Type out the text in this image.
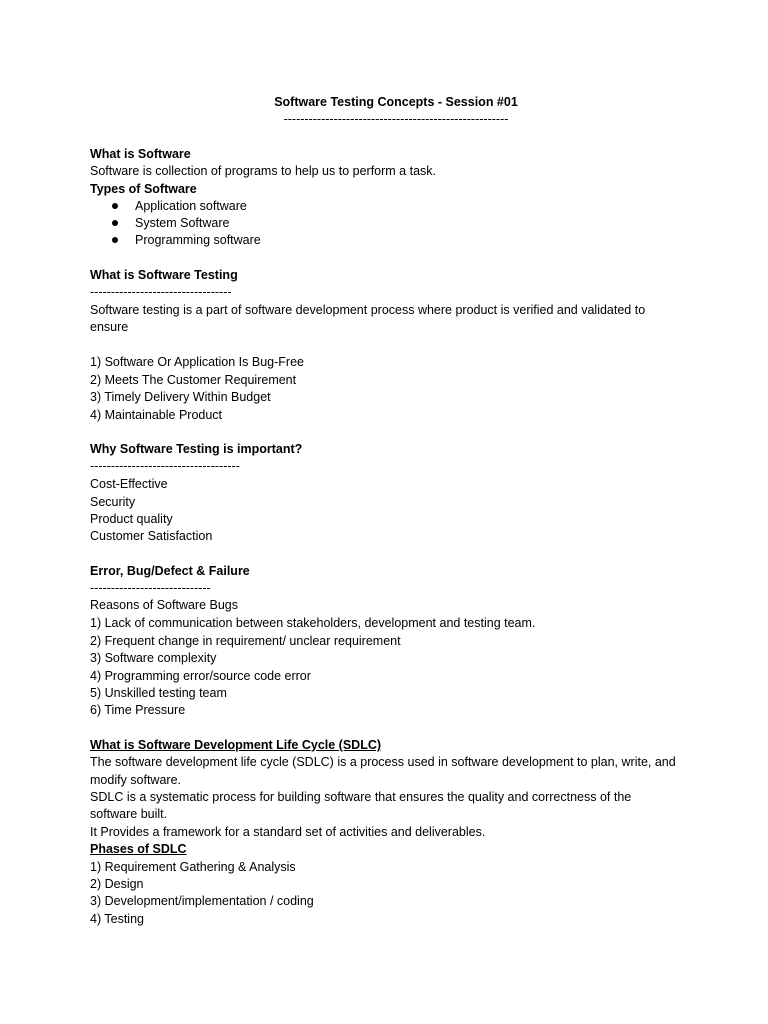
Software Testing Concepts - Session #01
------------------------------------------------------
What is Software
Software is collection of programs to help us to perform a task.
Types of Software
Application software
System Software
Programming software
What is Software Testing
----------------------------------
Software testing is a part of software development process where product is verified and validated to
ensure
1) Software Or Application Is Bug-Free
2) Meets The Customer Requirement
3) Timely Delivery Within Budget
4) Maintainable Product
Why Software Testing is important?
------------------------------------
Cost-Effective
Security
Product quality
Customer Satisfaction
Error, Bug/Defect & Failure
-----------------------------
Reasons of Software Bugs
1) Lack of communication between stakeholders, development and testing team.
2) Frequent change in requirement/ unclear requirement
3) Software complexity
4) Programming error/source code error
5) Unskilled testing team
6) Time Pressure
What is Software Development Life Cycle (SDLC)
The software development life cycle (SDLC) is a process used in software development to plan, write, and
modify software.
SDLC is a systematic process for building software that ensures the quality and correctness of the
software built.
It Provides a framework for a standard set of activities and deliverables.
Phases of SDLC
1) Requirement Gathering & Analysis
2) Design
3) Development/implementation / coding
4) Testing
